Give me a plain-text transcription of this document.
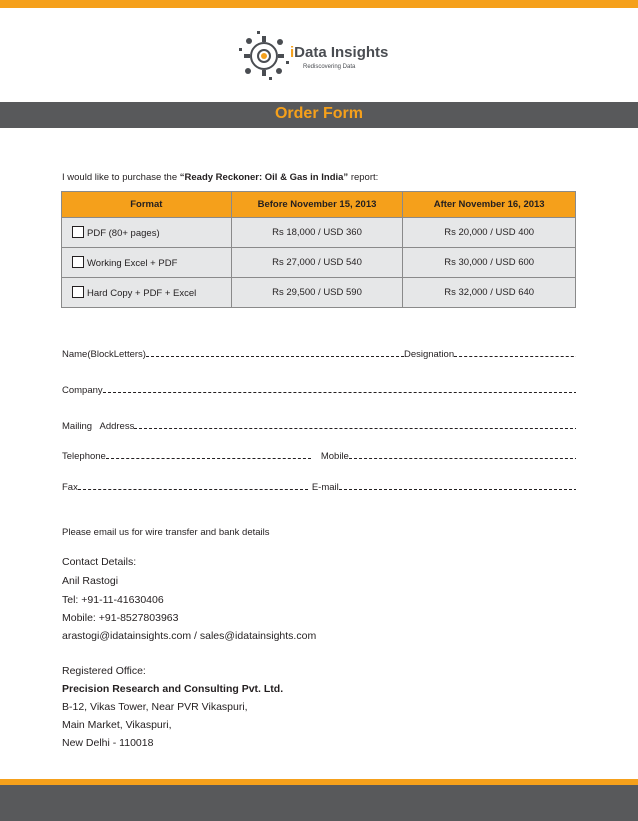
iData Insights
Rediscovering Data
Order Form
I would like to purchase the “Ready Reckoner: Oil & Gas in India” report:
Format	Before November 15, 2013	After November 16, 2013
PDF (80+ pages)	Rs 18,000 / USD 360	Rs 20,000 / USD 400
Working Excel + PDF	Rs 27,000 / USD 540	Rs 30,000 / USD 600
Hard Copy + PDF + Excel	Rs 29,500 / USD 590	Rs 32,000 / USD 640
Name(BlockLetters)	Designation
Company
Mailing   Address
Telephone	Mobile
Fax	E-mail
Please email us for wire transfer and bank details
Contact Details:
Anil Rastogi
Tel: +91-11-41630406
Mobile: +91-8527803963
arastogi@idatainsights.com / sales@idatainsights.com
Registered Office:
Precision Research and Consulting Pvt. Ltd.
B-12, Vikas Tower, Near PVR Vikaspuri,
Main Market, Vikaspuri,
New Delhi - 110018
